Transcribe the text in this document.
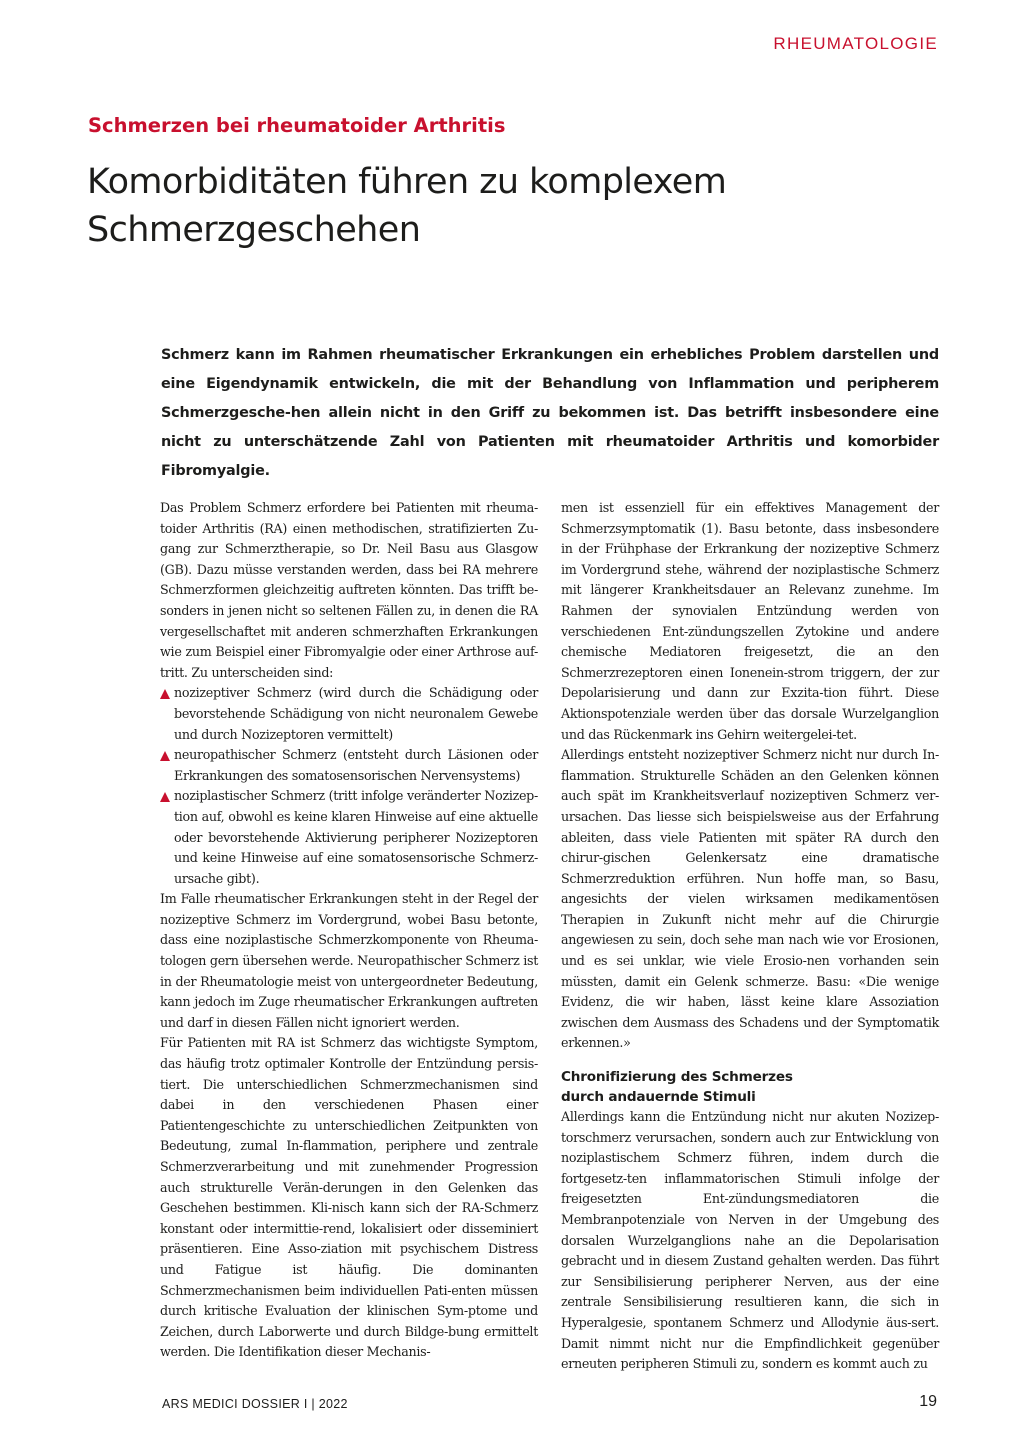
RHEUMATOLOGIE
Schmerzen bei rheumatoider Arthritis
Komorbiditäten führen zu komplexem Schmerzgeschehen

Schmerz kann im Rahmen rheumatischer Erkrankungen ein erhebliches Problem darstellen und eine Eigendynamik entwickeln, die mit der Behandlung von Inflammation und peripherem Schmerzgesche-hen allein nicht in den Griff zu bekommen ist. Das betrifft insbesondere eine nicht zu unterschätzende Zahl von Patienten mit rheumatoider Arthritis und komorbider Fibromyalgie.

Das Problem Schmerz erfordere bei Patienten mit rheuma-toider Arthritis (RA) einen methodischen, stratifizierten Zu-gang zur Schmerztherapie, so Dr. Neil Basu aus Glasgow (GB). Dazu müsse verstanden werden, dass bei RA mehrere Schmerzformen gleichzeitig auftreten könnten. Das trifft be-sonders in jenen nicht so seltenen Fällen zu, in denen die RA vergesellschaftet mit anderen schmerzhaften Erkrankungen wie zum Beispiel einer Fibromyalgie oder einer Arthrose auf-tritt. Zu unterscheiden sind:

nozizeptiver Schmerz (wird durch die Schädigung oder bevorstehende Schädigung von nicht neuronalem Gewebe und durch Nozizeptoren vermittelt)
neuropathischer Schmerz (entsteht durch Läsionen oder Erkrankungen des somatosensorischen Nervensystems)
noziplastischer Schmerz (tritt infolge veränderter Nozizep-tion auf, obwohl es keine klaren Hinweise auf eine aktuelle oder bevorstehende Aktivierung peripherer Nozizeptoren und keine Hinweise auf eine somatosensorische Schmerz-ursache gibt).

Im Falle rheumatischer Erkrankungen steht in der Regel der nozizeptive Schmerz im Vordergrund, wobei Basu betonte, dass eine noziplastische Schmerzkomponente von Rheuma-tologen gern übersehen werde. Neuropathischer Schmerz ist in der Rheumatologie meist von untergeordneter Bedeutung, kann jedoch im Zuge rheumatischer Erkrankungen auftreten und darf in diesen Fällen nicht ignoriert werden.

Für Patienten mit RA ist Schmerz das wichtigste Symptom, das häufig trotz optimaler Kontrolle der Entzündung persis-tiert. Die unterschiedlichen Schmerzmechanismen sind dabei in den verschiedenen Phasen einer Patientengeschichte zu unterschiedlichen Zeitpunkten von Bedeutung, zumal In-flammation, periphere und zentrale Schmerzverarbeitung und mit zunehmender Progression auch strukturelle Verän-derungen in den Gelenken das Geschehen bestimmen. Kli-nisch kann sich der RA-Schmerz konstant oder intermittie-rend, lokalisiert oder disseminiert präsentieren. Eine Asso-ziation mit psychischem Distress und Fatigue ist häufig. Die dominanten Schmerzmechanismen beim individuellen Pati-enten müssen durch kritische Evaluation der klinischen Sym-ptome und Zeichen, durch Laborwerte und durch Bildge-bung ermittelt werden. Die Identifikation dieser Mechanis-

men ist essenziell für ein effektives Management der Schmerzsymptomatik (1). Basu betonte, dass insbesondere in der Frühphase der Erkrankung der nozizeptive Schmerz im Vordergrund stehe, während der noziplastische Schmerz mit längerer Krankheitsdauer an Relevanz zunehme. Im Rahmen der synovialen Entzündung werden von verschiedenen Ent-zündungszellen Zytokine und andere chemische Mediatoren freigesetzt, die an den Schmerzrezeptoren einen Ionenein-strom triggern, der zur Depolarisierung und dann zur Exzita-tion führt. Diese Aktionspotenziale werden über das dorsale Wurzelganglion und das Rückenmark ins Gehirn weitergelei-tet.

Allerdings entsteht nozizeptiver Schmerz nicht nur durch In-flammation. Strukturelle Schäden an den Gelenken können auch spät im Krankheitsverlauf nozizeptiven Schmerz ver-ursachen. Das liesse sich beispielsweise aus der Erfahrung ableiten, dass viele Patienten mit später RA durch den chirur-gischen Gelenkersatz eine dramatische Schmerzreduktion erführen. Nun hoffe man, so Basu, angesichts der vielen wirksamen medikamentösen Therapien in Zukunft nicht mehr auf die Chirurgie angewiesen zu sein, doch sehe man nach wie vor Erosionen, und es sei unklar, wie viele Erosio-nen vorhanden sein müssten, damit ein Gelenk schmerze. Basu: «Die wenige Evidenz, die wir haben, lässt keine klare Assoziation zwischen dem Ausmass des Schadens und der Symptomatik erkennen.»

Chronifizierung des Schmerzes
durch andauernde Stimuli

Allerdings kann die Entzündung nicht nur akuten Nozizep-torschmerz verursachen, sondern auch zur Entwicklung von noziplastischem Schmerz führen, indem durch die fortgesetz-ten inflammatorischen Stimuli infolge der freigesetzten Ent-zündungsmediatoren die Membranpotenziale von Nerven in der Umgebung des dorsalen Wurzelganglions nahe an die Depolarisation gebracht und in diesem Zustand gehalten werden. Das führt zur Sensibilisierung peripherer Nerven, aus der eine zentrale Sensibilisierung resultieren kann, die sich in Hyperalgesie, spontanem Schmerz und Allodynie äus-sert. Damit nimmt nicht nur die Empfindlichkeit gegenüber erneuten peripheren Stimuli zu, sondern es kommt auch zu

ARS MEDICI DOSSIER I | 2022	19
